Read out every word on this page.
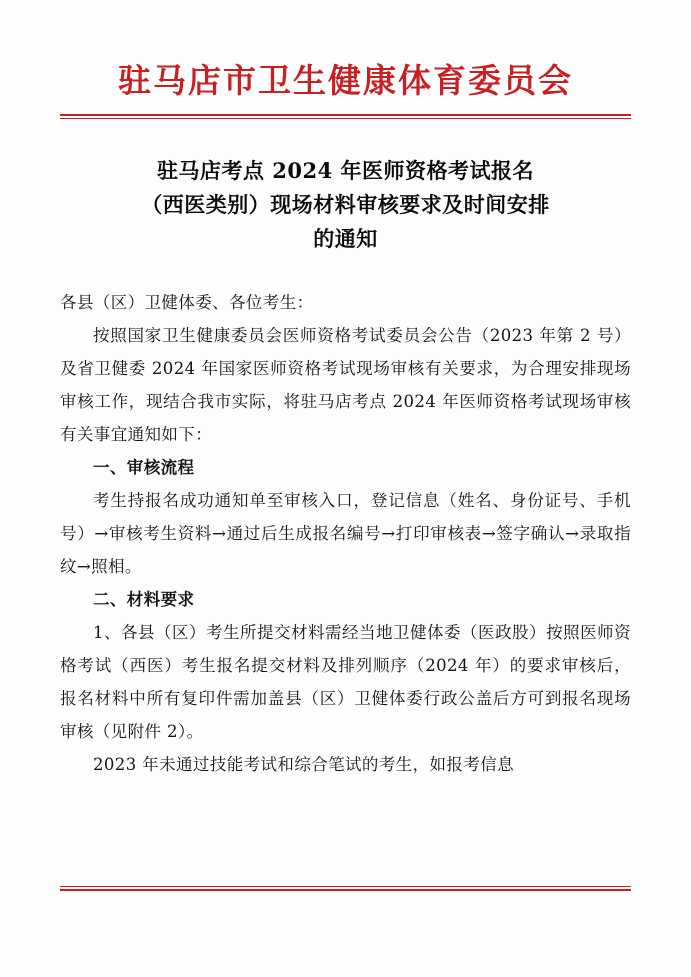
驻马店市卫生健康体育委员会
驻马店考点 2024 年医师资格考试报名
（西医类别）现场材料审核要求及时间安排
的通知

各县（区）卫健体委、各位考生：

按照国家卫生健康委员会医师资格考试委员会公告（2023 年第 2 号）及省卫健委 2024 年国家医师资格考试现场审核有关要求，为合理安排现场审核工作，现结合我市实际，将驻马店考点 2024 年医师资格考试现场审核有关事宜通知如下：

一、审核流程

考生持报名成功通知单至审核入口，登记信息（姓名、身份证号、手机号）→审核考生资料→通过后生成报名编号→打印审核表→签字确认→录取指纹→照相。

二、材料要求

1、各县（区）考生所提交材料需经当地卫健体委（医政股）按照医师资格考试（西医）考生报名提交材料及排列顺序（2024 年）的要求审核后，报名材料中所有复印件需加盖县（区）卫健体委行政公盖后方可到报名现场审核（见附件 2）。

2023 年未通过技能考试和综合笔试的考生，如报考信息
